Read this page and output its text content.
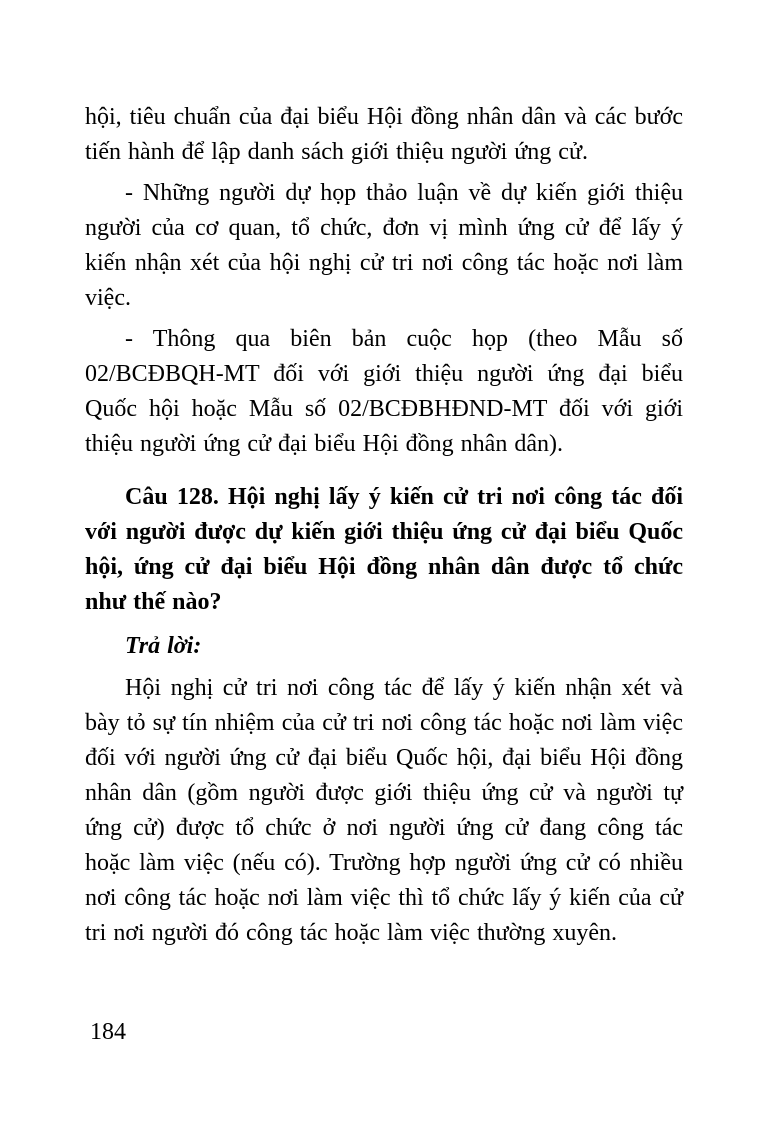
hội, tiêu chuẩn của đại biểu Hội đồng nhân dân và các bước tiến hành để lập danh sách giới thiệu người ứng cử.

- Những người dự họp thảo luận về dự kiến giới thiệu người của cơ quan, tổ chức, đơn vị mình ứng cử để lấy ý kiến nhận xét của hội nghị cử tri nơi công tác hoặc nơi làm việc.

- Thông qua biên bản cuộc họp (theo Mẫu số 02/BCĐBQH-MT đối với giới thiệu người ứng đại biểu Quốc hội hoặc Mẫu số 02/BCĐBHĐND-MT đối với giới thiệu người ứng cử đại biểu Hội đồng nhân dân).

Câu 128. Hội nghị lấy ý kiến cử tri nơi công tác đối với người được dự kiến giới thiệu ứng cử đại biểu Quốc hội, ứng cử đại biểu Hội đồng nhân dân được tổ chức như thế nào?

Trả lời:

Hội nghị cử tri nơi công tác để lấy ý kiến nhận xét và bày tỏ sự tín nhiệm của cử tri nơi công tác hoặc nơi làm việc đối với người ứng cử đại biểu Quốc hội, đại biểu Hội đồng nhân dân (gồm người được giới thiệu ứng cử và người tự ứng cử) được tổ chức ở nơi người ứng cử đang công tác hoặc làm việc (nếu có). Trường hợp người ứng cử có nhiều nơi công tác hoặc nơi làm việc thì tổ chức lấy ý kiến của cử tri nơi người đó công tác hoặc làm việc thường xuyên.

184
